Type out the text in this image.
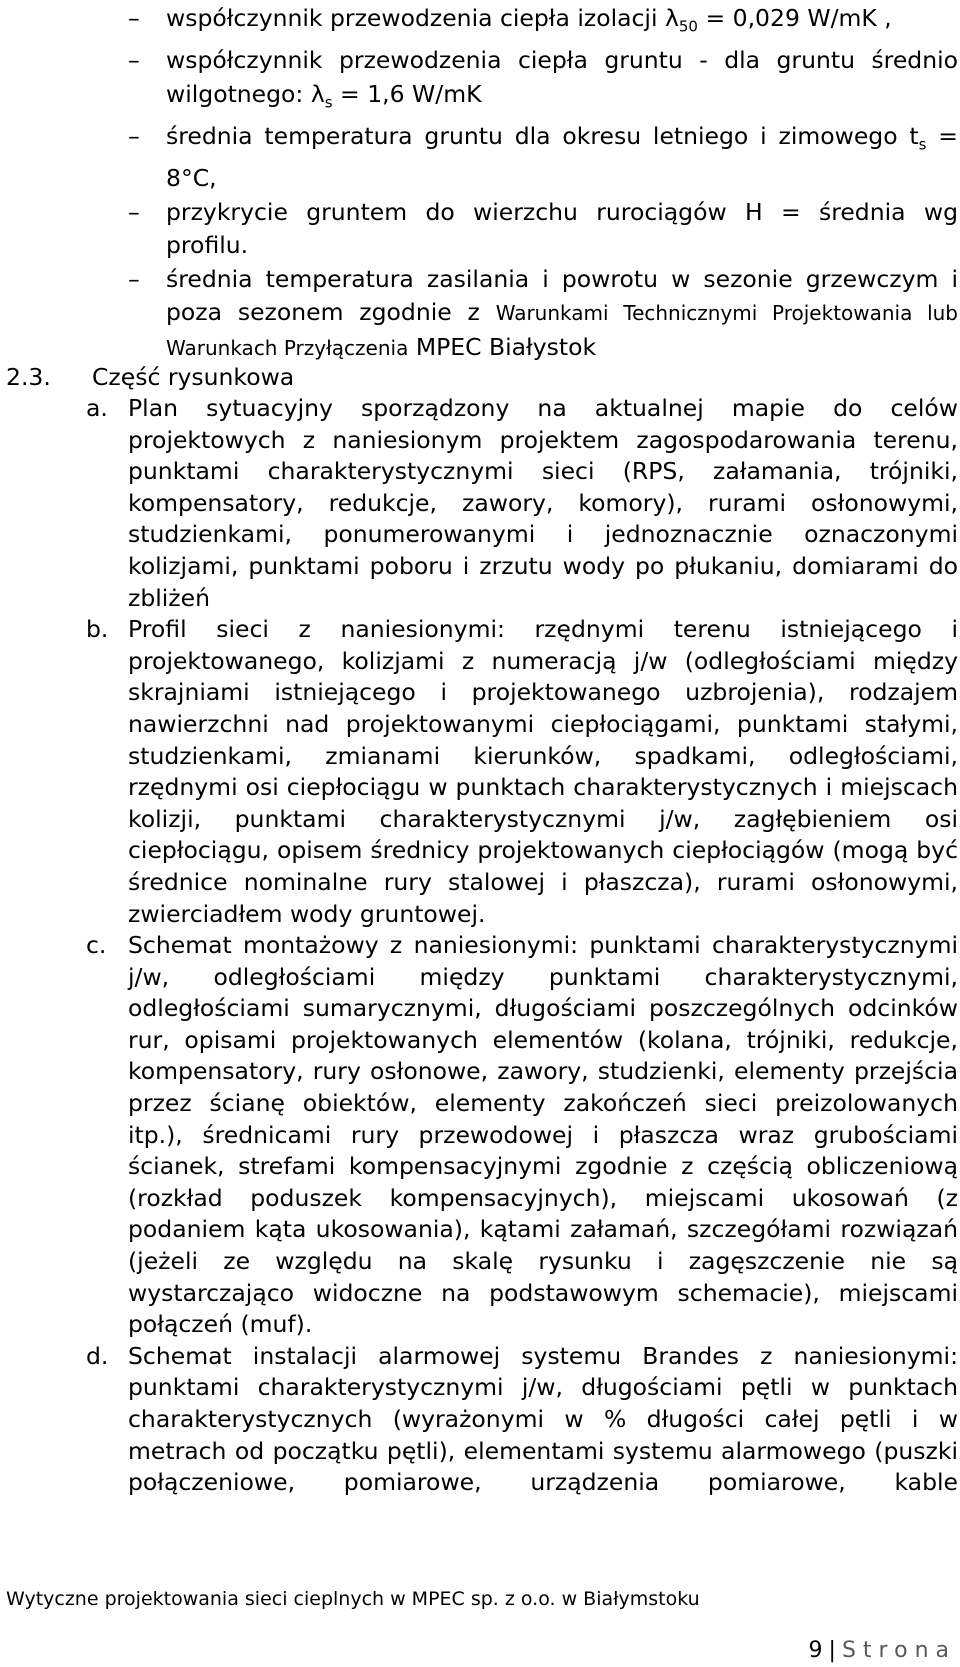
– współczynnik przewodzenia ciepła izolacji $\lambda_{50} = 0,029$ W/mK ,

– współczynnik przewodzenia ciepła gruntu - dla gruntu średnio wilgotnego: $\lambda_s = 1,6$ W/mK

– średnia temperatura gruntu dla okresu letniego i zimowego $t_s = 8^\circ C$,

– przykrycie gruntem do wierzchu rurociągów H = średnia wg profilu.

– średnia temperatura zasilania i powrotu w sezonie grzewczym i poza sezonem zgodnie z Warunkami Technicznymi Projektowania lub Warunkach Przyłączenia MPEC Białystok

2.3. Część rysunkowa
a. Plan sytuacyjny sporządzony na aktualnej mapie do celów projektowych z naniesionym projektem zagospodarowania terenu, punktami charakterystycznymi sieci (RPS, załamania, trójniki, kompensatory, redukcje, zawory, komory), rurami osłonowymi, studzienkami, ponumerowanymi i jednoznacznie oznaczonymi kolizjami, punktami poboru i zrzutu wody po płukaniu, domiarami do zbliżeń

b. Profil sieci z naniesionymi: rzędnymi terenu istniejącego i projektowanego, kolizjami z numeracją j/w (odległościami między skrajniami istniejącego i projektowanego uzbrojenia), rodzajem nawierzchni nad projektowanymi ciepłociągami, punktami stałymi, studzienkami, zmianami kierunków, spadkami, odległościami, rzędnymi osi ciepłociągu w punktach charakterystycznych i miejscach kolizji, punktami charakterystycznymi j/w, zagłębieniem osi ciepłociągu, opisem średnicy projektowanych ciepłociągów (mogą być średnice nominalne rury stalowej i płaszcza), rurami osłonowymi, zwierciadłem wody gruntowej.

c. Schemat montażowy z naniesionymi: punktami charakterystycznymi j/w, odległościami między punktami charakterystycznymi, odległościami sumarycznymi, długościami poszczególnych odcinków rur, opisami projektowanych elementów (kolana, trójniki, redukcje, kompensatory, rury osłonowe, zawory, studzienki, elementy przejścia przez ścianę obiektów, elementy zakończeń sieci preizolowanych itp.), średnicami rury przewodowej i płaszcza wraz grubościami ścianek, strefami kompensacyjnymi zgodnie z częścią obliczeniową (rozkład poduszek kompensacyjnych), miejscami ukosowań (z podaniem kąta ukosowania), kątami załamań, szczegółami rozwiązań (jeżeli ze względu na skalę rysunku i zagęszczenie nie są wystarczająco widoczne na podstawowym schemacie), miejscami połączeń (muf).

d. Schemat instalacji alarmowej systemu Brandes z naniesionymi: punktami charakterystycznymi j/w, długościami pętli w punktach charakterystycznych (wyrażonymi w % długości całej pętli i w metrach od początku pętli), elementami systemu alarmowego (puszki połączeniowe, pomiarowe, urządzenia pomiarowe, kable

Wytyczne projektowania sieci cieplnych w MPEC sp. z o.o. w Białymstoku
9 | Strona
